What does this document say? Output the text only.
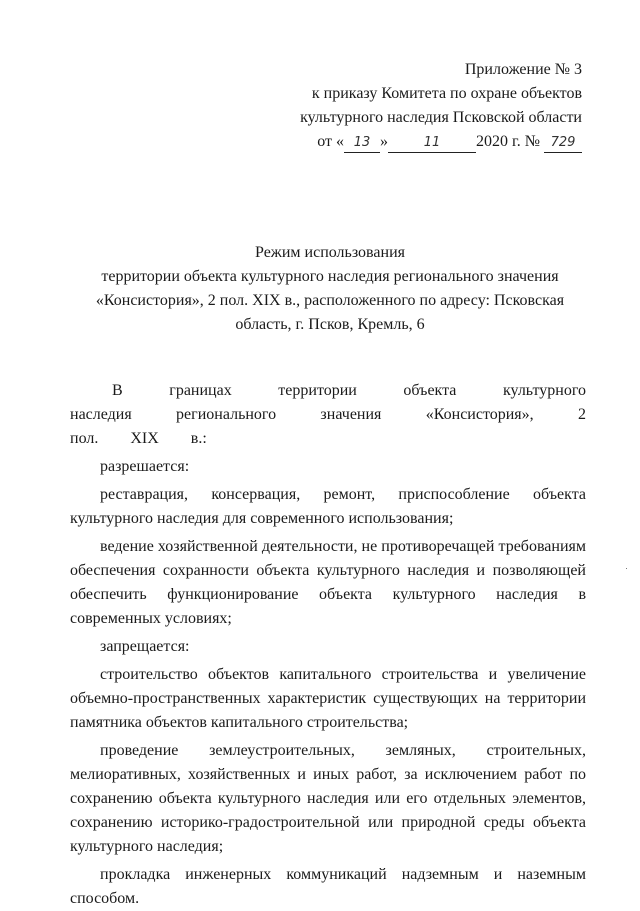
Приложение № 3
к приказу Комитета по охране объектов
культурного наследия Псковской области
от « 13 »	11 2020 г. № 729
Режим использования
территории объекта культурного наследия регионального значения
«Консистория», 2 пол. XIX в., расположенного по адресу: Псковская
область, г. Псков, Кремль, 6

В границах территории объекта культурного наследия регионального значения «Консистория», 2 пол. XIX в.:

разрешается:

реставрация, консервация, ремонт, приспособление объекта культурного наследия для современного использования;

ведение хозяйственной деятельности, не противоречащей требованиям обеспечения сохранности объекта культурного наследия и позволяющей обеспечить функционирование объекта культурного наследия в современных условиях;

запрещается:

строительство объектов капитального строительства и увеличение объемно-пространственных характеристик существующих на территории памятника объектов капитального строительства;

проведение землеустроительных, земляных, строительных, мелиоративных, хозяйственных и иных работ, за исключением работ по сохранению объекта культурного наследия или его отдельных элементов, сохранению историко-градостроительной или природной среды объекта культурного наследия;

прокладка инженерных коммуникаций надземным и наземным способом.
